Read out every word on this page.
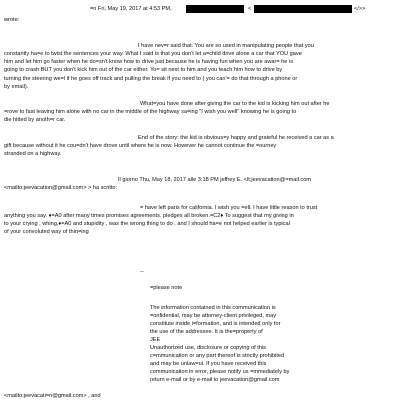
=n Fri, May 19, 2017 at 4:53 PM,	<	</>>
wrote:
I have nev=r said that. You are so used in manipulating people that you
constantly ha=e to twist the sentences your way. What I said is that you don't let a=child drive alone a car that YOU gave
him and let him go faster when he do=sn't know how to drive just because he is having fun when you are awar= he is
going to crash BUT you don't kick him out of the car either. Yo= sit next to him and you teach him how to drive by
turning the steering we=l if he goes off track and pulling the break if you need to ( you can'= do that through a phone or
by email).
What=you have done after giving the car to the kid is kicking him out after he
=rove to fast leaving him alone with no car in the middle of the highway sa=ing "I wish you well" knowing he is going to
die hitted by anoth=r car.
End of the story: the kid is obvious=y happy and grateful he received a car as a
gift because without it he cou=dn't have drove until where he is now. However he cannot continue the =ourney
stranded on a highway.
Il giorno Thu, May 18, 2017 alle 3:18 PM jeffrey E. <lt;jeevacation@=mail.com
<mailto:jeevacation@gmail.com> > ha scritto:
= have left paris for california. I wish you =ell. I have little reason to trust
anything you say. ♦=A0 after many times promises agreements. pledges all broken.=C2♦ To suggest that my giving in
to your crying , whing,♦=A0 and stupidity , was the wrong thing to do . and I should ha=e not helped earlier is typical
of your convoluted way of thin=ing
--
=please note
The information contained in this communication is
=onfidential, may be attorney-client privileged, may
constitute inside i=formation, and is intended only for
the use of the addressee. It is the=property of
JEE
Unauthorized use, disclosure or copying of this
c=mmunication or any part thereof is strictly prohibited
and may be unlaw=ul. If you have received this
communication in error, please notify us =mmediately by
return e-mail or by e-mail to jeevacation@gmail.com
<mailto:jeevacati=n@gmail.com> , and
